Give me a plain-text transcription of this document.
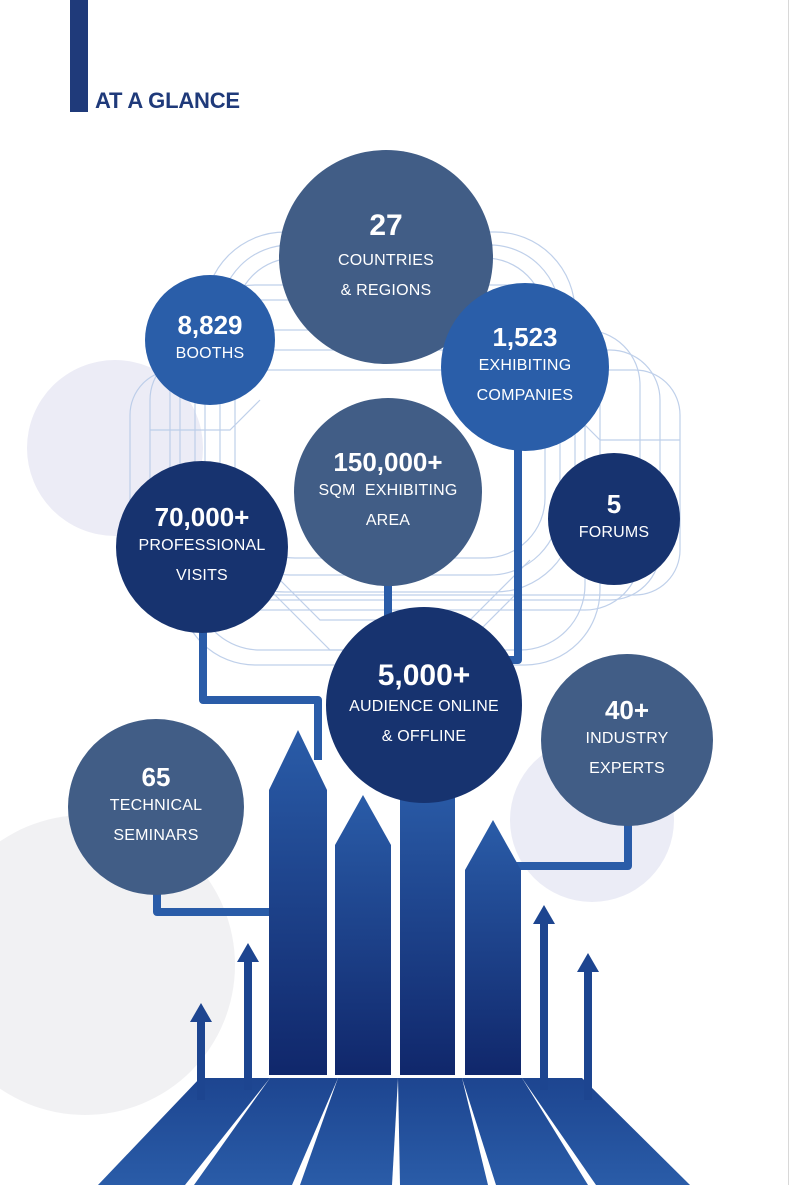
AT A GLANCE
27
COUNTRIES
& REGIONS
8,829
BOOTHS
1,523
EXHIBITING
COMPANIES
150,000+
SQM  EXHIBITING
AREA
70,000+
PROFESSIONAL
VISITS
5
FORUMS
5,000+
AUDIENCE ONLINE
& OFFLINE
40+
INDUSTRY
EXPERTS
65
TECHNICAL
SEMINARS
